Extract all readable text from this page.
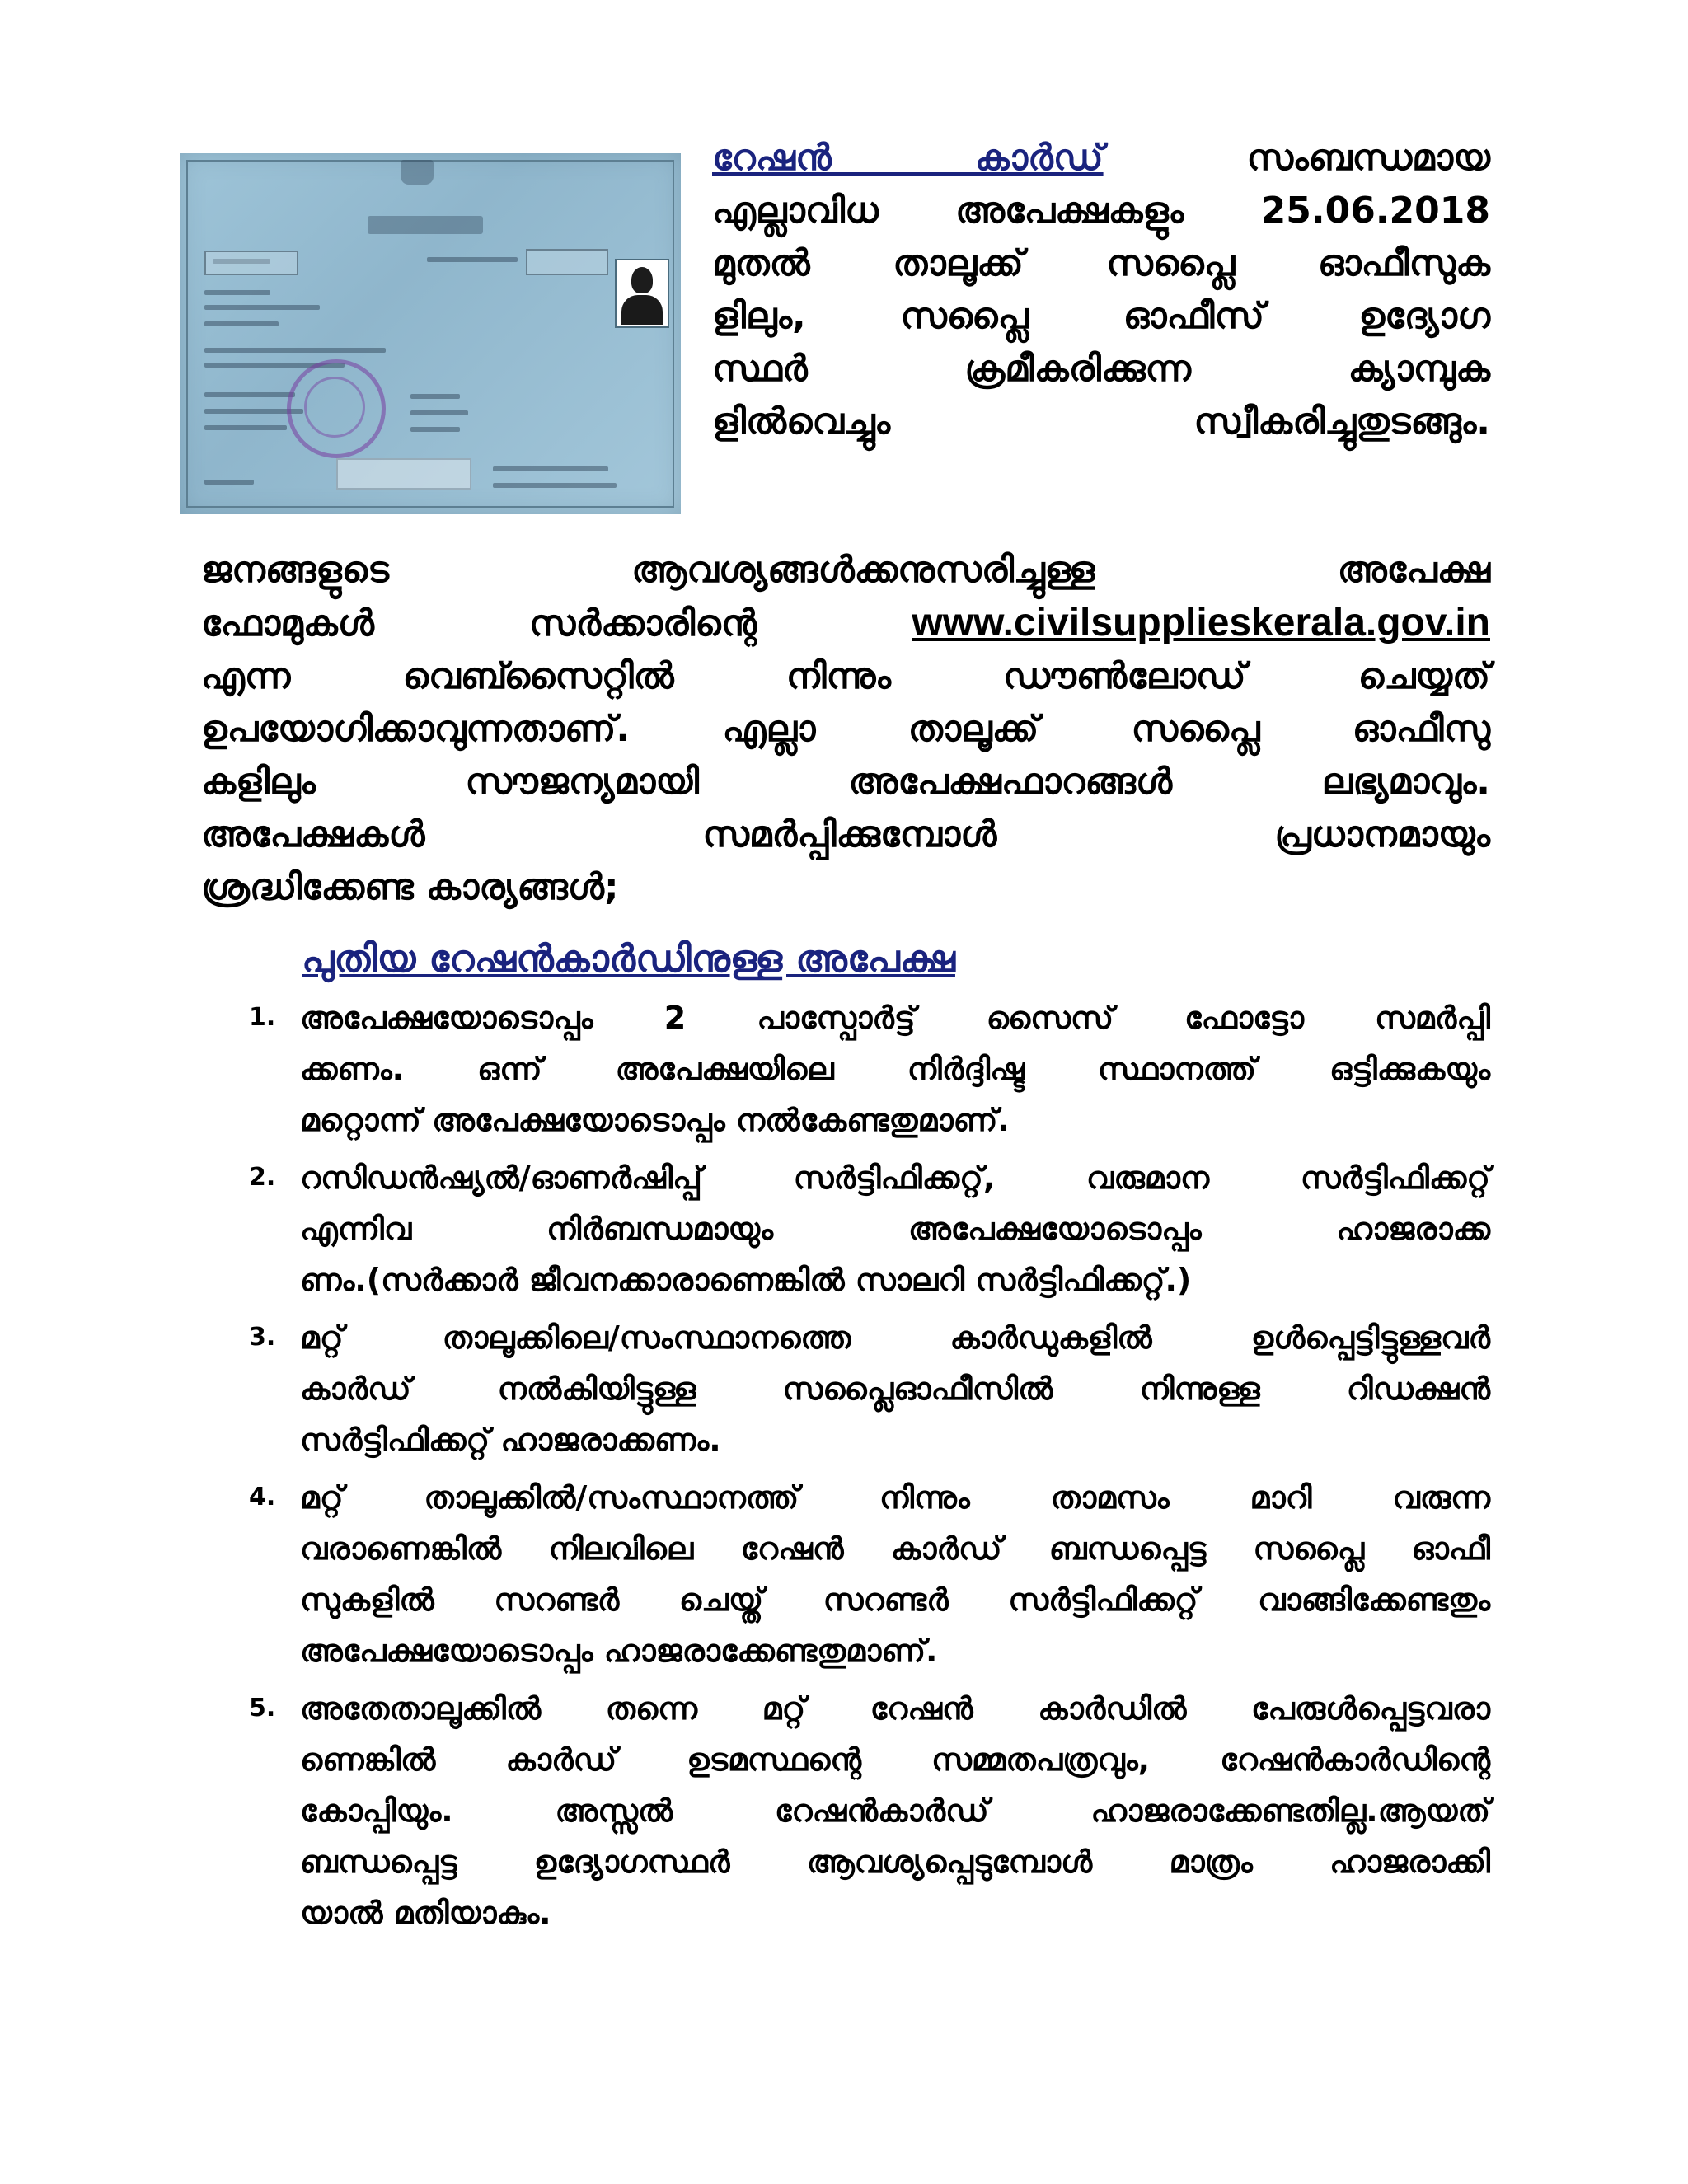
റേഷൻ കാർഡ്	സംബന്ധമായ
എല്ലാവിധ അപേക്ഷകളും 25.06.2018
മുതൽ താലൂക്ക് സപ്ലൈ ഓഫീസുക
ളിലും, സപ്ലൈ ഓഫീസ് ഉദ്യോഗ
സ്ഥർ ക്രമീകരിക്കുന്ന ക്യാമ്പുക
ളിൽവെച്ചും സ്വീകരിച്ചുതുടങ്ങും.
ജനങ്ങളുടെ ആവശ്യങ്ങൾക്കനുസരിച്ചുള്ള അപേക്ഷ
ഫോമുകൾ സർക്കാരിന്റെ	www.civilsupplieskerala.gov.in
എന്ന വെബ്സൈറ്റിൽ നിന്നും ഡൗൺലോഡ് ചെയ്യത്
ഉപയോഗിക്കാവുന്നതാണ്. എല്ലാ താലൂക്ക് സപ്ലൈ ഓഫീസു
കളിലും സൗജന്യമായി അപേക്ഷഫാറങ്ങൾ ലഭ്യമാവും.
അപേക്ഷകൾ സമർപ്പിക്കുമ്പോൾ പ്രധാനമായും
ശ്രദ്ധിക്കേണ്ട കാര്യങ്ങൾ;
പുതിയ റേഷൻകാർഡിനുള്ള അപേക്ഷ
1. അപേക്ഷയോടൊപ്പം 2 പാസ്പോർട്ട് സൈസ് ഫോട്ടോ സമർപ്പി
ക്കണം. ഒന്ന് അപേക്ഷയിലെ നിർദ്ദിഷ്ട സ്ഥാനത്ത് ഒട്ടിക്കുകയും
മറ്റൊന്ന് അപേക്ഷയോടൊപ്പം നൽകേണ്ടതുമാണ്.
2. റസിഡൻഷ്യൽ/ഓണർഷിപ്പ് സർട്ടിഫിക്കറ്റ്, വരുമാന സർട്ടിഫിക്കറ്റ്
എന്നിവ നിർബന്ധമായും അപേക്ഷയോടൊപ്പം ഹാജരാക്ക
ണം.(സർക്കാർ ജീവനക്കാരാണെങ്കിൽ സാലറി സർട്ടിഫിക്കറ്റ്.)
3. മറ്റ് താലൂക്കിലെ/സംസ്ഥാനത്തെ കാർഡുകളിൽ ഉൾപ്പെട്ടിട്ടുള്ളവർ
കാർഡ് നൽകിയിട്ടുള്ള സപ്ലൈഓഫീസിൽ നിന്നുള്ള റിഡക്ഷൻ
സർട്ടിഫിക്കറ്റ് ഹാജരാക്കണം.
4. മറ്റ് താലൂക്കിൽ/സംസ്ഥാനത്ത് നിന്നും താമസം മാറി വരുന്ന
വരാണെങ്കിൽ നിലവിലെ റേഷൻ കാർഡ് ബന്ധപ്പെട്ട സപ്ലൈ ഓഫീ
സുകളിൽ സറണ്ടർ ചെയ്ത് സറണ്ടർ സർട്ടിഫിക്കറ്റ് വാങ്ങിക്കേണ്ടതും
അപേക്ഷയോടൊപ്പം ഹാജരാക്കേണ്ടതുമാണ്.
5. അതേതാലൂക്കിൽ തന്നെ മറ്റ് റേഷൻ കാർഡിൽ പേരുൾപ്പെട്ടവരാ
ണെങ്കിൽ കാർഡ് ഉടമസ്ഥന്റെ സമ്മതപത്രവും, റേഷൻകാർഡിന്റെ
കോപ്പിയും. അസ്സൽ റേഷൻകാർഡ് ഹാജരാക്കേണ്ടതില്ല.ആയത്
ബന്ധപ്പെട്ട ഉദ്യോഗസ്ഥർ ആവശ്യപ്പെടുമ്പോൾ മാത്രം ഹാജരാക്കി
യാൽ മതിയാകും.
